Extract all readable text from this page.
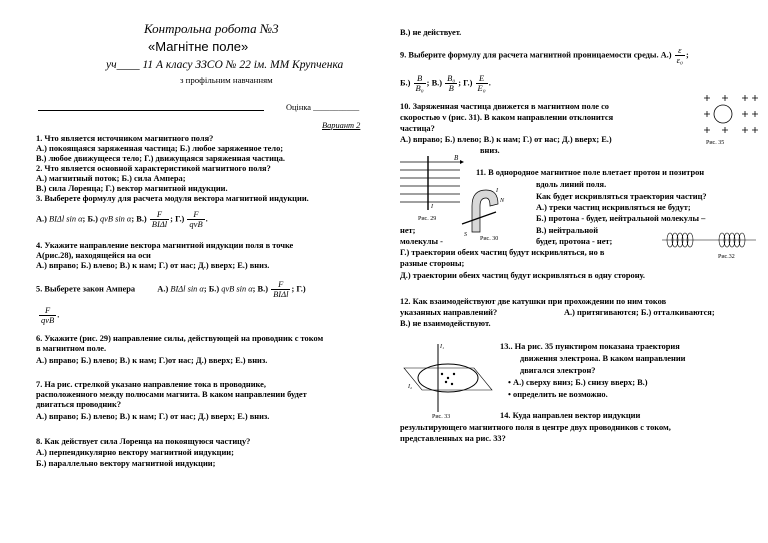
Контрольна робота №3
«Магнітне поле»
уч____ 11 А класу ЗЗСО № 22 ім. ММ Крупченка
з профільним навчанням
Оцінка ___________
Вариант 2
1. Что является источником магнитного поля?
А.) покоящаяся заряженная частица; Б.) любое заряженное тело;
В.) любое движущееся тело; Г.) движущаяся заряженная частица.
2. Что является основной характеристикой магнитного поля?
А.) магнитный поток; Б.) сила Ампера;
В.) сила Лоренца; Г.) вектор магнитной индукции.
3. Выберете формулу для расчета модуля вектора магнитной индукции.
А.) BIΔl sin α; Б.) qvB sin α; $В.) \frac{F}{\text{BIΔl}}$ ; $Г.) \frac{F}{\text{qvB}}$ .
4. Укажите направление вектора магнитной индукции поля в точке
А(рис.28), находящейся на оси
А.) вправо; Б.) влево; В.) к нам; Г.) от нас; Д.) вверх; Е.) вниз.
5. Выберете закон Ампера	А.) BIΔl sin α; Б.) qvB sin α; $В.) \frac{F}{\text{BIΔl}}$ ; Г.)
$\frac{F}{\text{qvB}}$ .
6. Укажите (рис. 29) направление силы, действующей на проводник с током
в магнитном поле.
А.) вправо; Б.) влево; В.) к нам; Г.)от нас; Д.) вверх; Е.) вниз.
7. На рис. стрелкой указано направление тока в проводнике,
расположенного между полюсами магнита. В каком направлении будет
двигаться проводник?
А.) вправо; Б.) влево; В.) к нам; Г.) от нас; Д.) вверх; Е.) вниз.
8. Как действует сила Лоренца на покоящуюся частицу?
А.) перпендикулярно вектору магнитной индукции;
Б.) параллельно вектору магнитной индукции;
В.) не действует.
9. Выберите формулу для расчета магнитной проницаемости среды. $А.) \frac{\varepsilon}{\text{ε₀}}$ ;
$Б.) \frac{B}{\text{B₀}}$ ; $В.) \frac{\text{B₀}}{B}$ ; $Г.) \frac{E}{\text{E₀}}$ .
10. Заряженная частица движется в магнитном поле со
скоростью v (рис. 31). В каком направлении отклонится
частица?
А.) вправо; Б.) влево; В.) к нам; Г.) от нас; Д.) вверх; Е.)
вниз.
Рис. 35
B
I
Рис. 29
S
N
I
Рис. 30
11. В однородное магнитное поле влетает протон и позитрон
вдоль линий поля.
Как будет искривляться траектория частиц?
А.) треки частиц искривляться не будут;
Б.) протона - будет, нейтральной молекулы –
нет;	В.) нейтральной
молекулы -	будет, протона - нет;
Г.) траектории обеих частиц будут искривляться, но в
разные стороны;
Д.) траектории обеих частиц будут искривляться в одну сторону.
Рис.32
12. Как взаимодействуют две катушки при прохождении по ним токов
указанных направлений?	А.) притягиваются; Б.) отталкиваются;
В.) не взаимодействуют.
I₁
I₂
Рис. 33
13.. На рис. 35 пунктиром показана траектория
движения электрона. В каком направлении
двигался электрон?
• А.) сверху вниз; Б.) снизу вверх; В.)
• определить не возможно.
14. Куда направлен вектор индукции
результирующего магнитного поля в центре двух проводников с током,
представленных на рис. 33?
